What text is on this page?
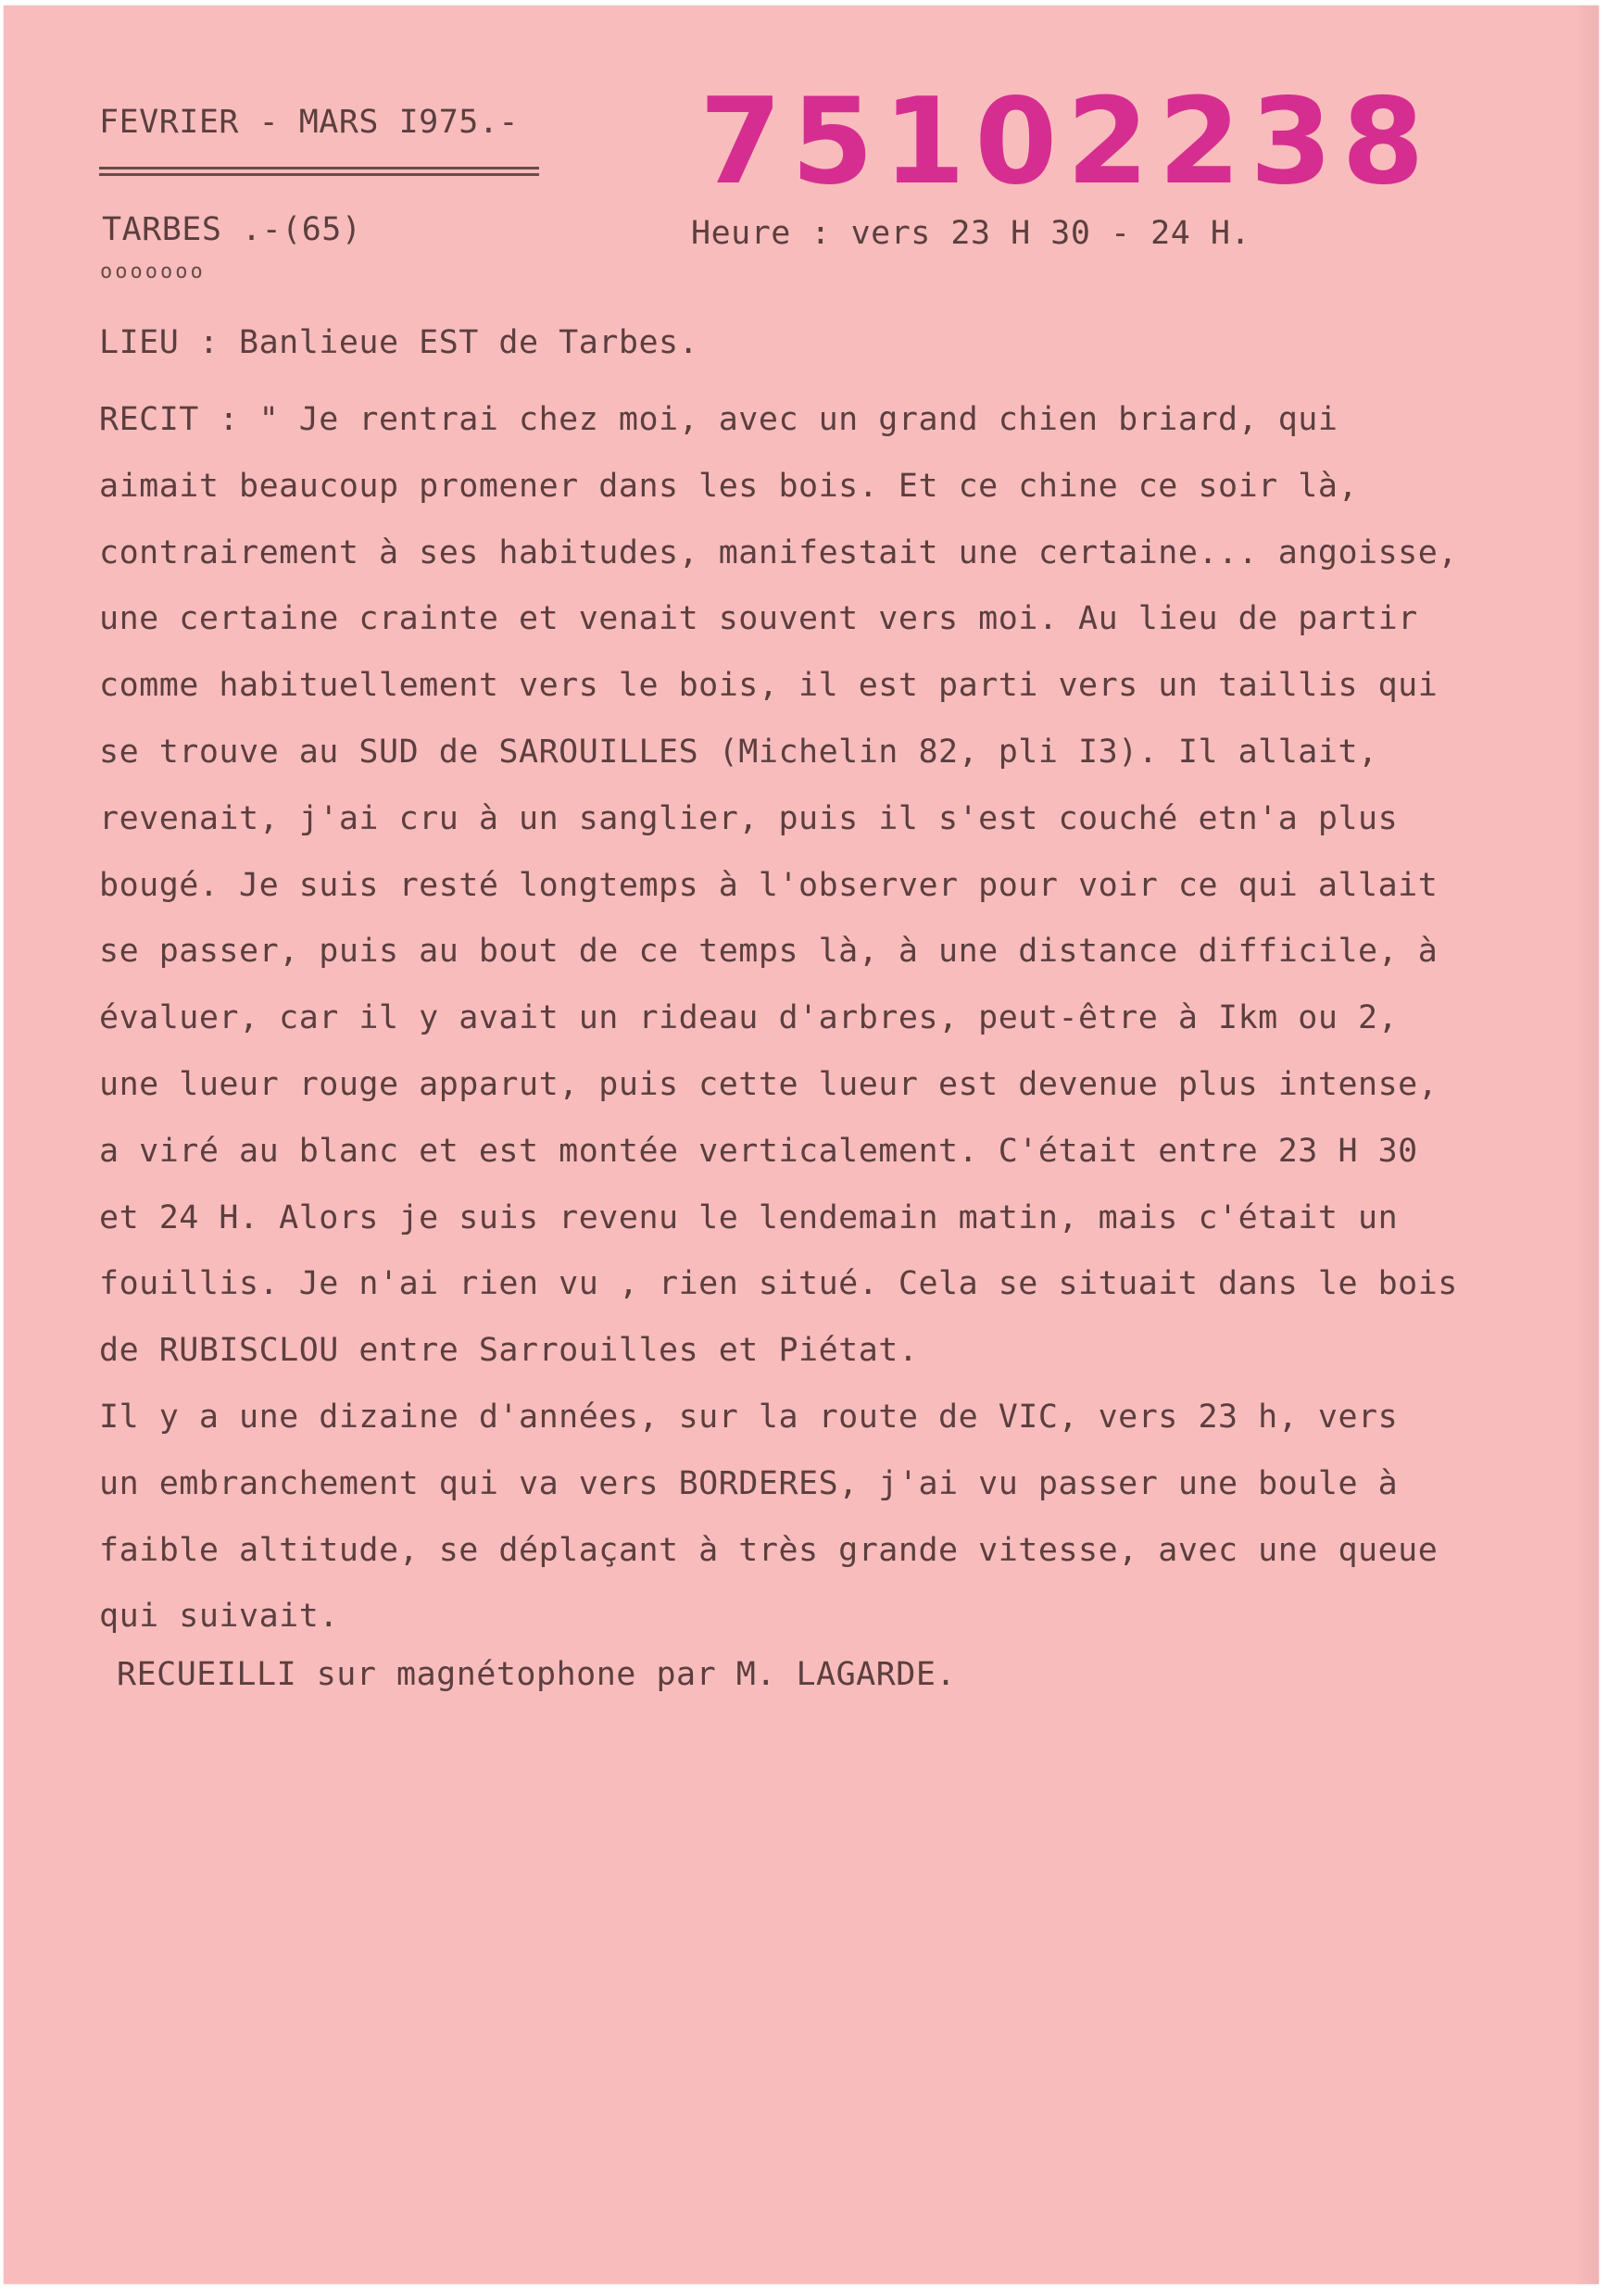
FEVRIER - MARS I975.-
TARBES .-(65)
ooooooo
75102238
Heure : vers 23 H 30 - 24 H.
LIEU : Banlieue EST de Tarbes.
RECIT : " Je rentrai chez moi, avec un grand chien briard, qui
aimait beaucoup promener dans les bois. Et ce chine ce soir là,
contrairement à ses habitudes, manifestait une certaine... angoisse,
une certaine crainte et venait souvent vers moi. Au lieu de partir
comme habituellement vers le bois, il est parti vers un taillis qui
se trouve au SUD de SAROUILLES (Michelin 82, pli I3). Il allait,
revenait, j'ai cru à un sanglier, puis il s'est couché etn'a plus
bougé. Je suis resté longtemps à l'observer pour voir ce qui allait
se passer, puis au bout de ce temps là, à une distance difficile, à
évaluer, car il y avait un rideau d'arbres, peut-être à Ikm ou 2,
une lueur rouge apparut, puis cette lueur est devenue plus intense,
a viré au blanc et est montée verticalement. C'était entre 23 H 30
et 24 H. Alors je suis revenu le lendemain matin, mais c'était un
fouillis. Je n'ai rien vu , rien situé. Cela se situait dans le bois
de RUBISCLOU entre Sarrouilles et Piétat.
Il y a une dizaine d'années, sur la route de VIC, vers 23 h, vers
un embranchement qui va vers BORDERES, j'ai vu passer une boule à
faible altitude, se déplaçant à très grande vitesse, avec une queue
qui suivait.
RECUEILLI sur magnétophone par M. LAGARDE.
